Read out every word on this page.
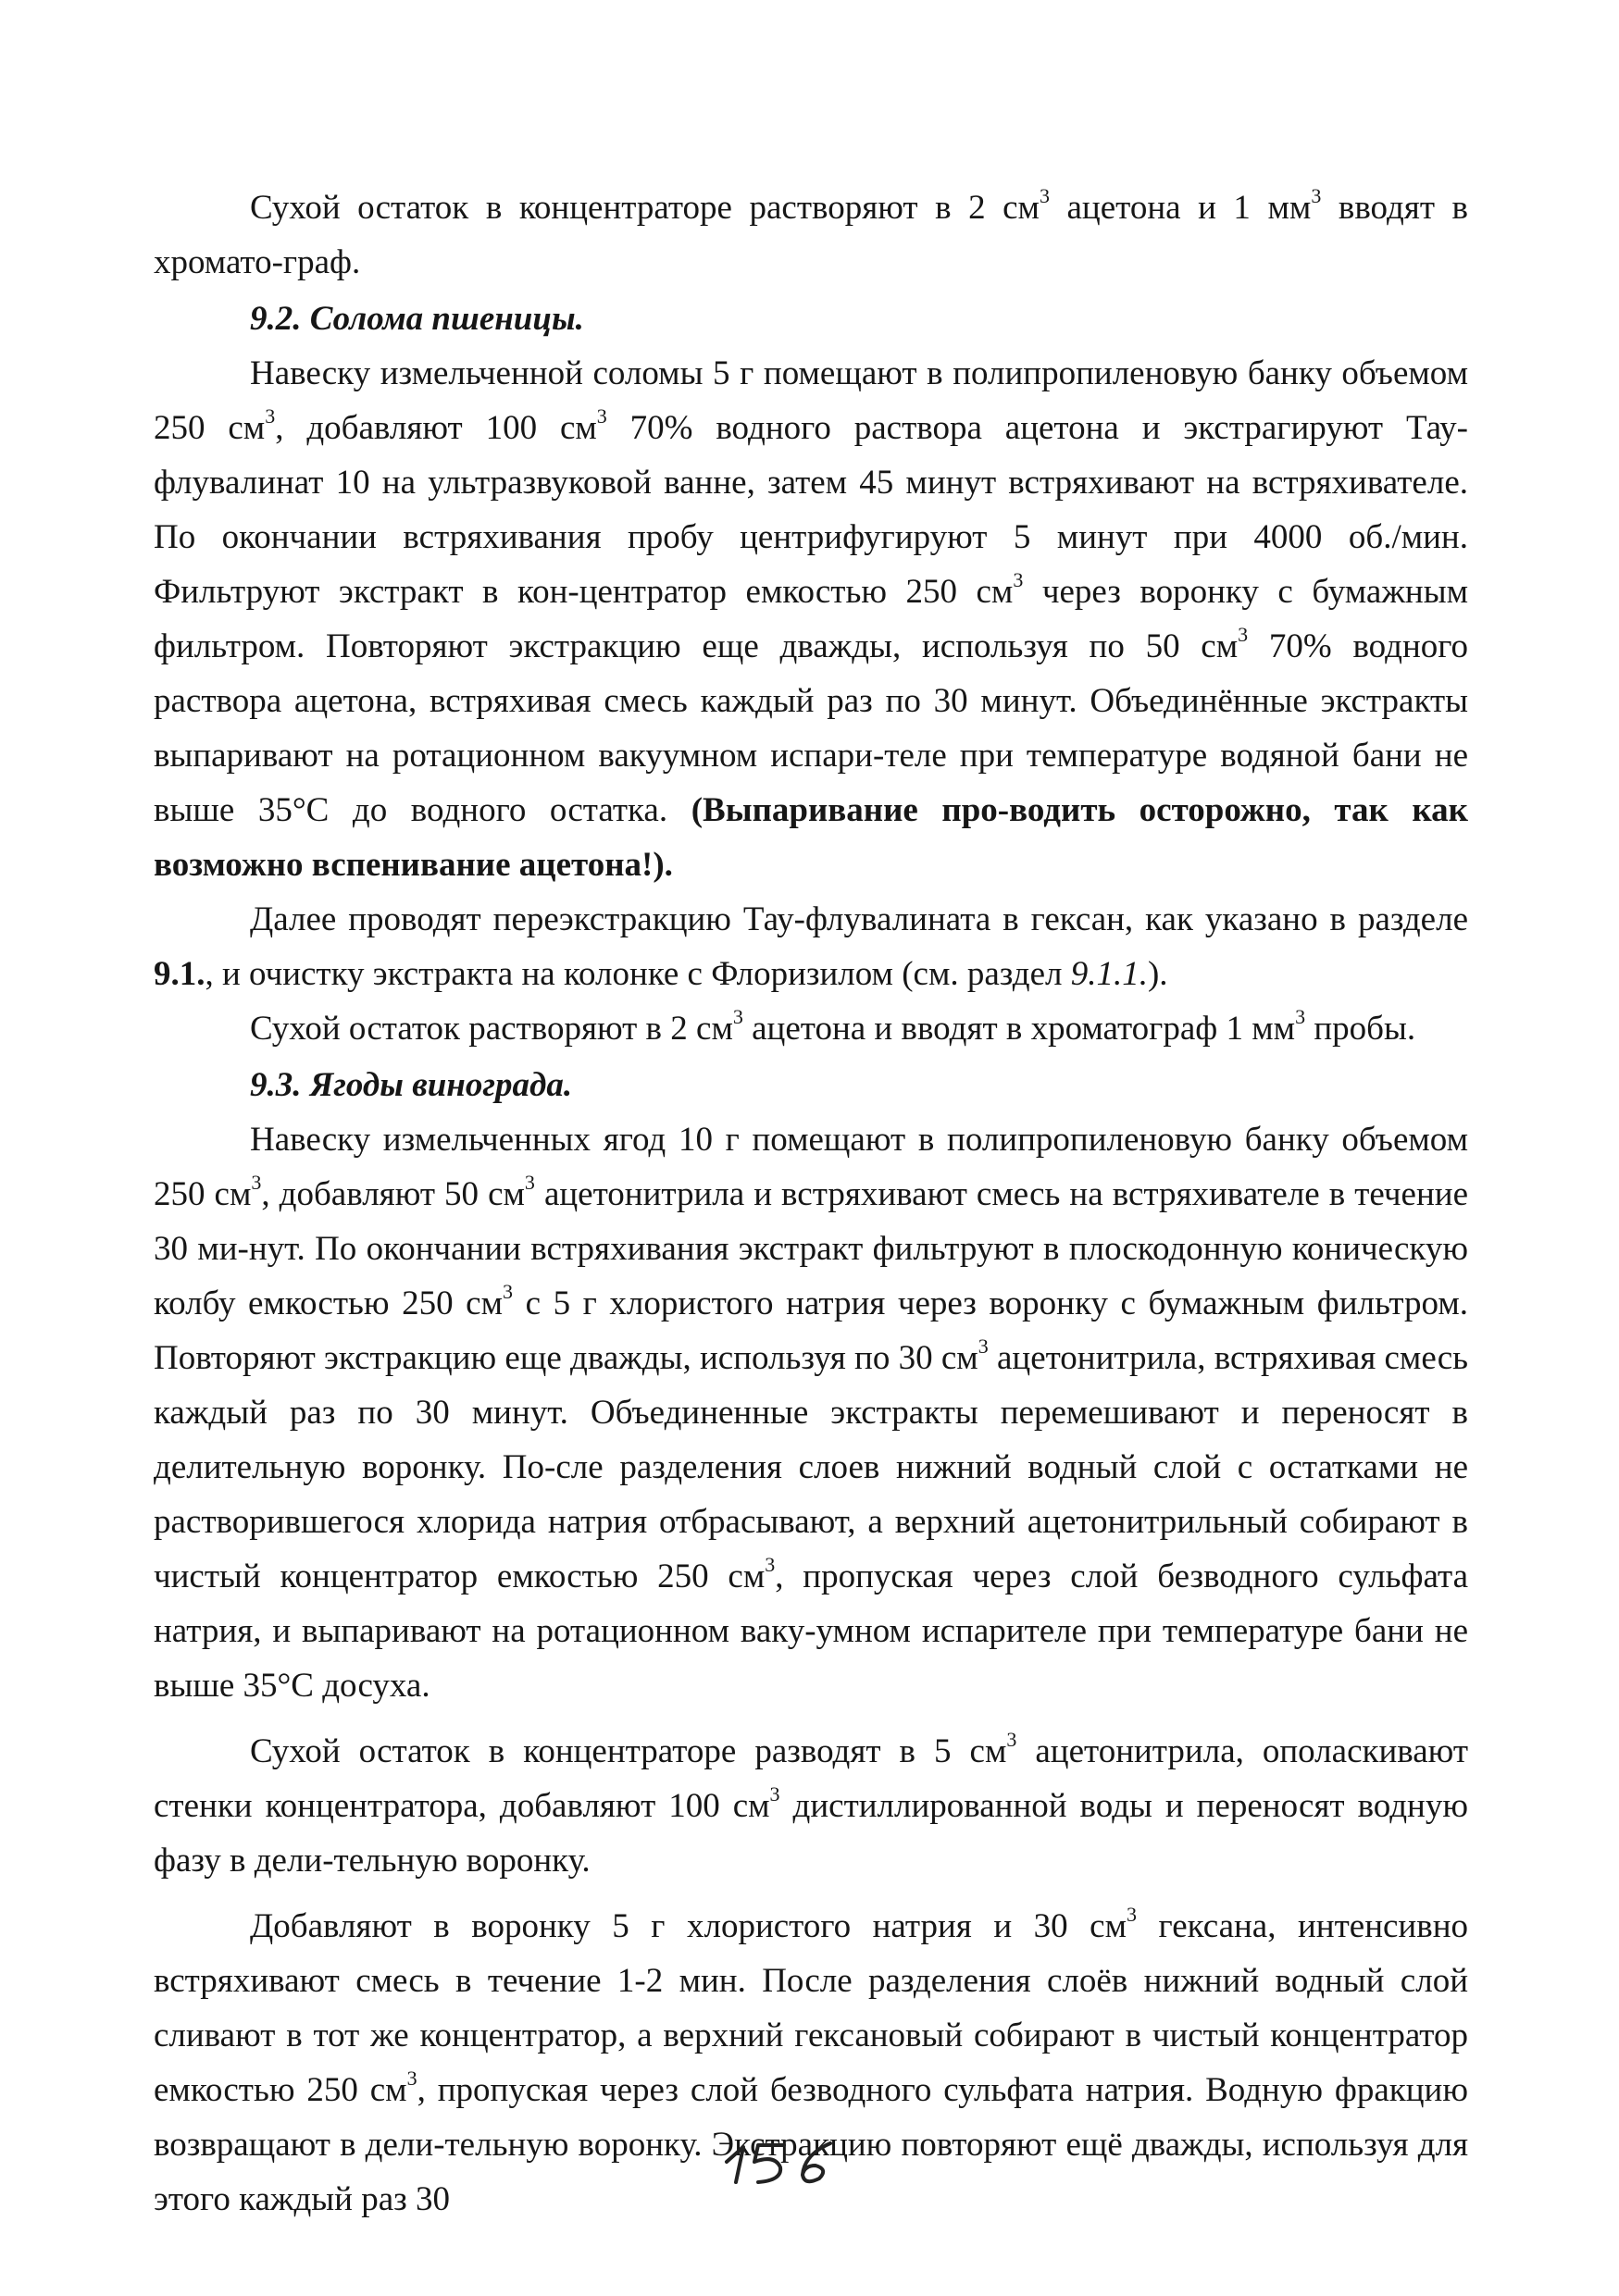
Сухой остаток в концентраторе растворяют в 2 $см^3$ ацетона и 1 $мм^3$ вводят в хромато-граф.

9.2. Солома пшеницы.

Навеску измельченной соломы 5 г помещают в полипропиленовую банку объемом 250 $см^3$, добавляют 100 $см^3$ 70% водного раствора ацетона и экстрагируют Тау-флувалинат 10 на ультразвуковой ванне, затем 45 минут встряхивают на встряхивателе. По окончании встряхивания пробу центрифугируют 5 минут при 4000 об./мин. Фильтруют экстракт в кон-центратор емкостью 250 $см^3$ через воронку с бумажным фильтром. Повторяют экстракцию еще дважды, используя по 50 $см^3$ 70% водного раствора ацетона, встряхивая смесь каждый раз по 30 минут. Объединённые экстракты выпаривают на ротационном вакуумном испари-теле при температуре водяной бани не выше 35°С до водного остатка. (Выпаривание про-водить осторожно, так как возможно вспенивание ацетона!).

Далее проводят переэкстракцию Тау-флувалината в гексан, как указано в разделе 9.1., и очистку экстракта на колонке с Флоризилом (см. раздел 9.1.1.).

Сухой остаток растворяют в 2 $см^3$ ацетона и вводят в хроматограф 1 $мм^3$ пробы.

9.3. Ягоды винограда.

Навеску измельченных ягод 10 г помещают в полипропиленовую банку объемом 250 $см^3$, добавляют 50 $см^3$ ацетонитрила и встряхивают смесь на встряхивателе в течение 30 ми-нут. По окончании встряхивания экстракт фильтруют в плоскодонную коническую колбу емкостью 250 $см^3$ с 5 г хлористого натрия через воронку с бумажным фильтром. Повторяют экстракцию еще дважды, используя по 30 $см^3$ ацетонитрила, встряхивая смесь каждый раз по 30 минут. Объединенные экстракты перемешивают и переносят в делительную воронку. По-сле разделения слоев нижний водный слой с остатками не растворившегося хлорида натрия отбрасывают, а верхний ацетонитрильный собирают в чистый концентратор емкостью 250 $см^3$, пропуская через слой безводного сульфата натрия, и выпаривают на ротационном ваку-умном испарителе при температуре бани не выше 35°С досуха.

Сухой остаток в концентраторе разводят в 5 $см^3$ ацетонитрила, ополаскивают стенки концентратора, добавляют 100 $см^3$ дистиллированной воды и переносят водную фазу в дели-тельную воронку.

Добавляют в воронку 5 г хлористого натрия и 30 $см^3$ гексана, интенсивно встряхивают смесь в течение 1-2 мин. После разделения слоёв нижний водный слой сливают в тот же концентратор, а верхний гексановый собирают в чистый концентратор емкостью 250 $см^3$, пропуская через слой безводного сульфата натрия. Водную фракцию возвращают в дели-тельную воронку. Экстракцию повторяют ещё дважды, используя для этого каждый раз 30
